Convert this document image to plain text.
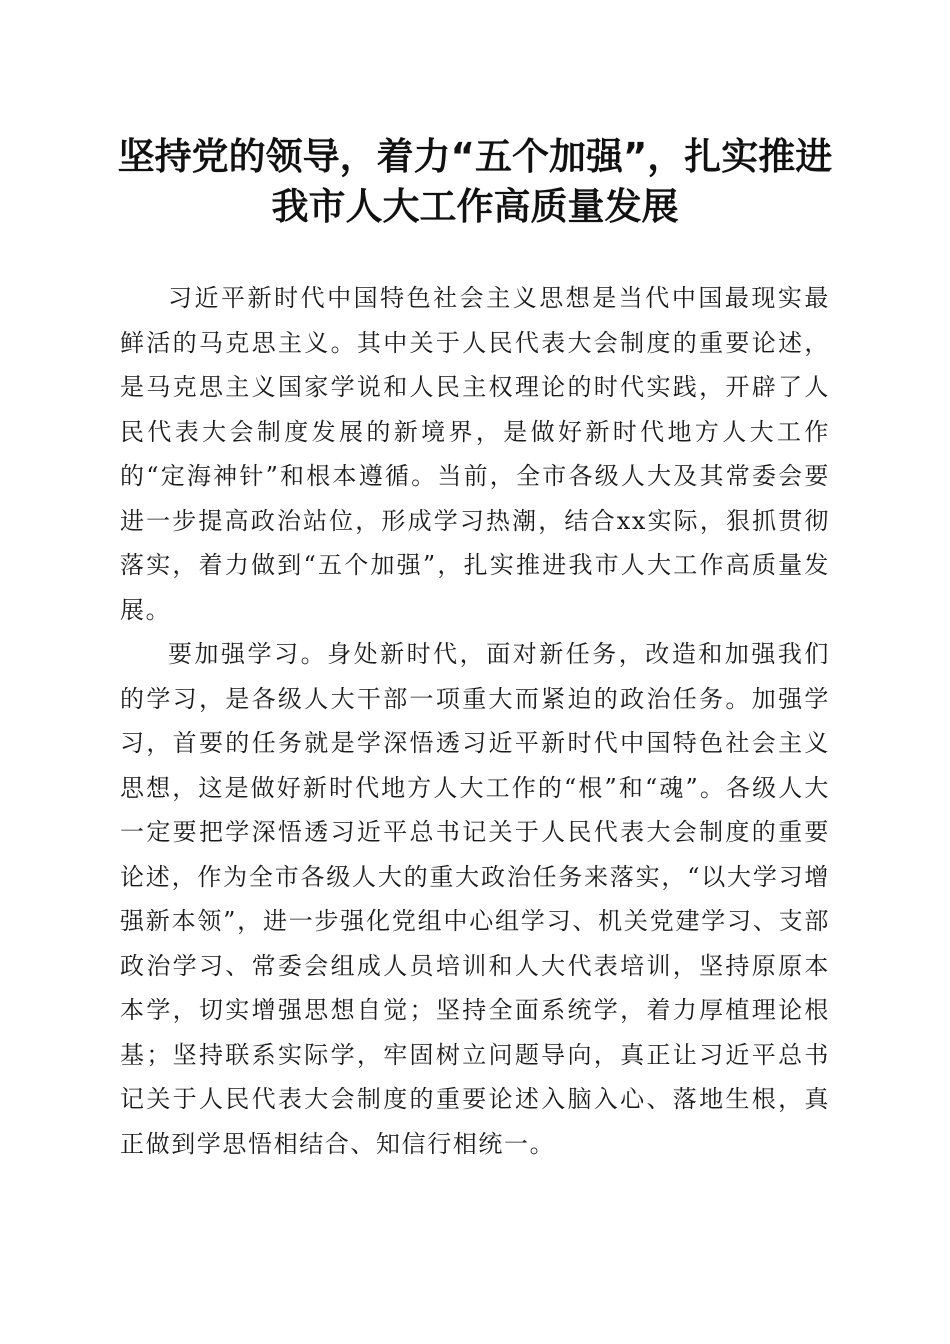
坚持党的领导，着力“五个加强”，扎实推进
我市人大工作高质量发展

习近平新时代中国特色社会主义思想是当代中国最现实最鲜活的马克思主义。其中关于人民代表大会制度的重要论述，是马克思主义国家学说和人民主权理论的时代实践，开辟了人民代表大会制度发展的新境界，是做好新时代地方人大工作的“定海神针”和根本遵循。当前，全市各级人大及其常委会要进一步提高政治站位，形成学习热潮，结合xx实际，狠抓贯彻落实，着力做到“五个加强”，扎实推进我市人大工作高质量发展。

要加强学习。身处新时代，面对新任务，改造和加强我们的学习，是各级人大干部一项重大而紧迫的政治任务。加强学习，首要的任务就是学深悟透习近平新时代中国特色社会主义思想，这是做好新时代地方人大工作的“根”和“魂”。各级人大一定要把学深悟透习近平总书记关于人民代表大会制度的重要论述，作为全市各级人大的重大政治任务来落实，“以大学习增强新本领”，进一步强化党组中心组学习、机关党建学习、支部政治学习、常委会组成人员培训和人大代表培训，坚持原原本本学，切实增强思想自觉；坚持全面系统学，着力厚植理论根基；坚持联系实际学，牢固树立问题导向，真正让习近平总书记关于人民代表大会制度的重要论述入脑入心、落地生根，真正做到学思悟相结合、知信行相统一。
